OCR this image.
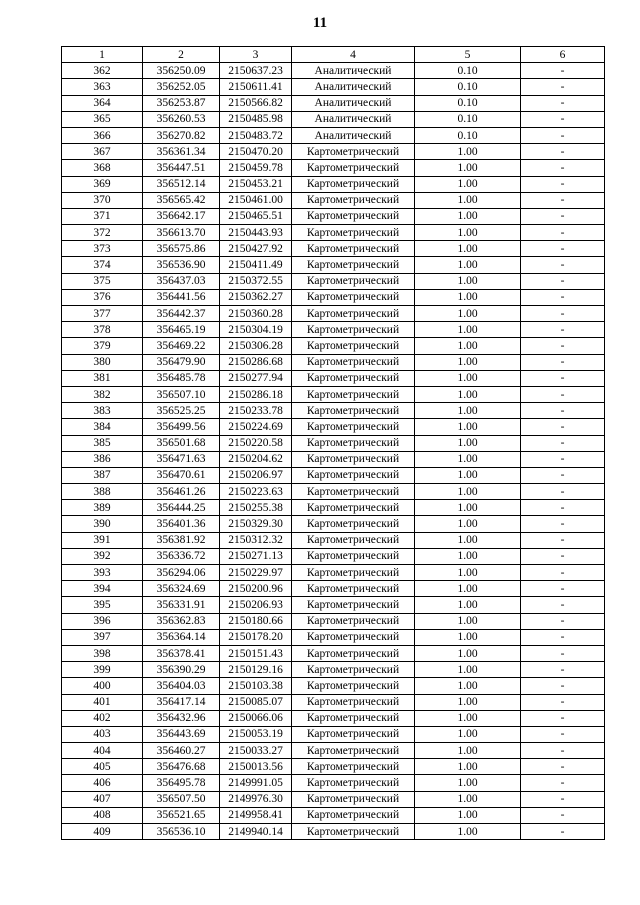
11
1	2	3	4	5	6
362	356250.09	2150637.23	Аналитический	0.10	-
363	356252.05	2150611.41	Аналитический	0.10	-
364	356253.87	2150566.82	Аналитический	0.10	-
365	356260.53	2150485.98	Аналитический	0.10	-
366	356270.82	2150483.72	Аналитический	0.10	-
367	356361.34	2150470.20	Картометрический	1.00	-
368	356447.51	2150459.78	Картометрический	1.00	-
369	356512.14	2150453.21	Картометрический	1.00	-
370	356565.42	2150461.00	Картометрический	1.00	-
371	356642.17	2150465.51	Картометрический	1.00	-
372	356613.70	2150443.93	Картометрический	1.00	-
373	356575.86	2150427.92	Картометрический	1.00	-
374	356536.90	2150411.49	Картометрический	1.00	-
375	356437.03	2150372.55	Картометрический	1.00	-
376	356441.56	2150362.27	Картометрический	1.00	-
377	356442.37	2150360.28	Картометрический	1.00	-
378	356465.19	2150304.19	Картометрический	1.00	-
379	356469.22	2150306.28	Картометрический	1.00	-
380	356479.90	2150286.68	Картометрический	1.00	-
381	356485.78	2150277.94	Картометрический	1.00	-
382	356507.10	2150286.18	Картометрический	1.00	-
383	356525.25	2150233.78	Картометрический	1.00	-
384	356499.56	2150224.69	Картометрический	1.00	-
385	356501.68	2150220.58	Картометрический	1.00	-
386	356471.63	2150204.62	Картометрический	1.00	-
387	356470.61	2150206.97	Картометрический	1.00	-
388	356461.26	2150223.63	Картометрический	1.00	-
389	356444.25	2150255.38	Картометрический	1.00	-
390	356401.36	2150329.30	Картометрический	1.00	-
391	356381.92	2150312.32	Картометрический	1.00	-
392	356336.72	2150271.13	Картометрический	1.00	-
393	356294.06	2150229.97	Картометрический	1.00	-
394	356324.69	2150200.96	Картометрический	1.00	-
395	356331.91	2150206.93	Картометрический	1.00	-
396	356362.83	2150180.66	Картометрический	1.00	-
397	356364.14	2150178.20	Картометрический	1.00	-
398	356378.41	2150151.43	Картометрический	1.00	-
399	356390.29	2150129.16	Картометрический	1.00	-
400	356404.03	2150103.38	Картометрический	1.00	-
401	356417.14	2150085.07	Картометрический	1.00	-
402	356432.96	2150066.06	Картометрический	1.00	-
403	356443.69	2150053.19	Картометрический	1.00	-
404	356460.27	2150033.27	Картометрический	1.00	-
405	356476.68	2150013.56	Картометрический	1.00	-
406	356495.78	2149991.05	Картометрический	1.00	-
407	356507.50	2149976.30	Картометрический	1.00	-
408	356521.65	2149958.41	Картометрический	1.00	-
409	356536.10	2149940.14	Картометрический	1.00	-
